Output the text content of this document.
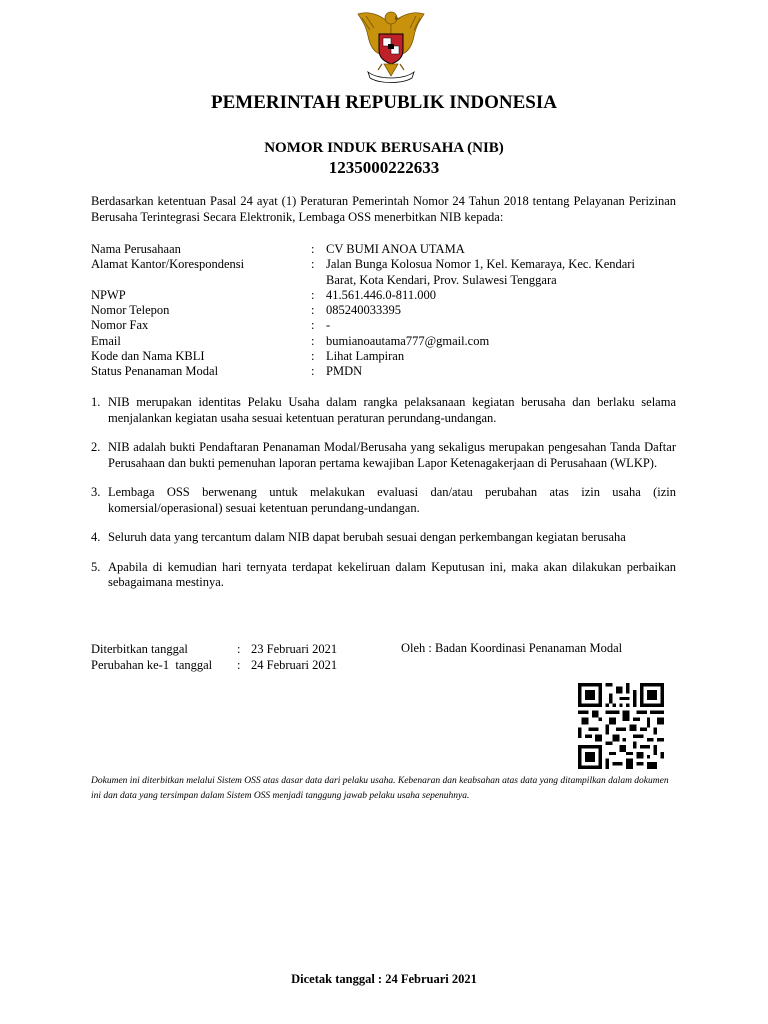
PEMERINTAH REPUBLIK INDONESIA
NOMOR INDUK BERUSAHA (NIB)
1235000222633
Berdasarkan ketentuan Pasal 24 ayat (1) Peraturan Pemerintah Nomor 24 Tahun 2018 tentang Pelayanan Perizinan Berusaha Terintegrasi Secara Elektronik, Lembaga OSS menerbitkan NIB kepada:
Nama Perusahaan	: CV BUMI ANOA UTAMA
Alamat Kantor/Korespondensi	: Jalan Bunga Kolosua Nomor 1, Kel. Kemaraya, Kec. Kendari Barat, Kota Kendari, Prov. Sulawesi Tenggara
NPWP	: 41.561.446.0-811.000
Nomor Telepon	: 085240033395
Nomor Fax	: -
Email	: bumianoautama777@gmail.com
Kode dan Nama KBLI	: Lihat Lampiran
Status Penanaman Modal	: PMDN
1. NIB merupakan identitas Pelaku Usaha dalam rangka pelaksanaan kegiatan berusaha dan berlaku selama menjalankan kegiatan usaha sesuai ketentuan peraturan perundang-undangan.
2. NIB adalah bukti Pendaftaran Penanaman Modal/Berusaha yang sekaligus merupakan pengesahan Tanda Daftar Perusahaan dan bukti pemenuhan laporan pertama kewajiban Lapor Ketenagakerjaan di Perusahaan (WLKP).
3. Lembaga OSS berwenang untuk melakukan evaluasi dan/atau perubahan atas izin usaha (izin komersial/operasional) sesuai ketentuan perundang-undangan.
4. Seluruh data yang tercantum dalam NIB dapat berubah sesuai dengan perkembangan kegiatan berusaha
5. Apabila di kemudian hari ternyata terdapat kekeliruan dalam Keputusan ini, maka akan dilakukan perbaikan sebagaimana mestinya.
Diterbitkan tanggal	: 23 Februari 2021
Perubahan ke-1  tanggal	: 24 Februari 2021
Oleh : Badan Koordinasi Penanaman Modal
Dokumen ini diterbitkan melalui Sistem OSS atas dasar data dari pelaku usaha. Kebenaran dan keabsahan atas data yang ditampilkan dalam dokumen ini dan data yang tersimpan dalam Sistem OSS menjadi tanggung jawab pelaku usaha sepenuhnya.
Dicetak tanggal : 24 Februari 2021
